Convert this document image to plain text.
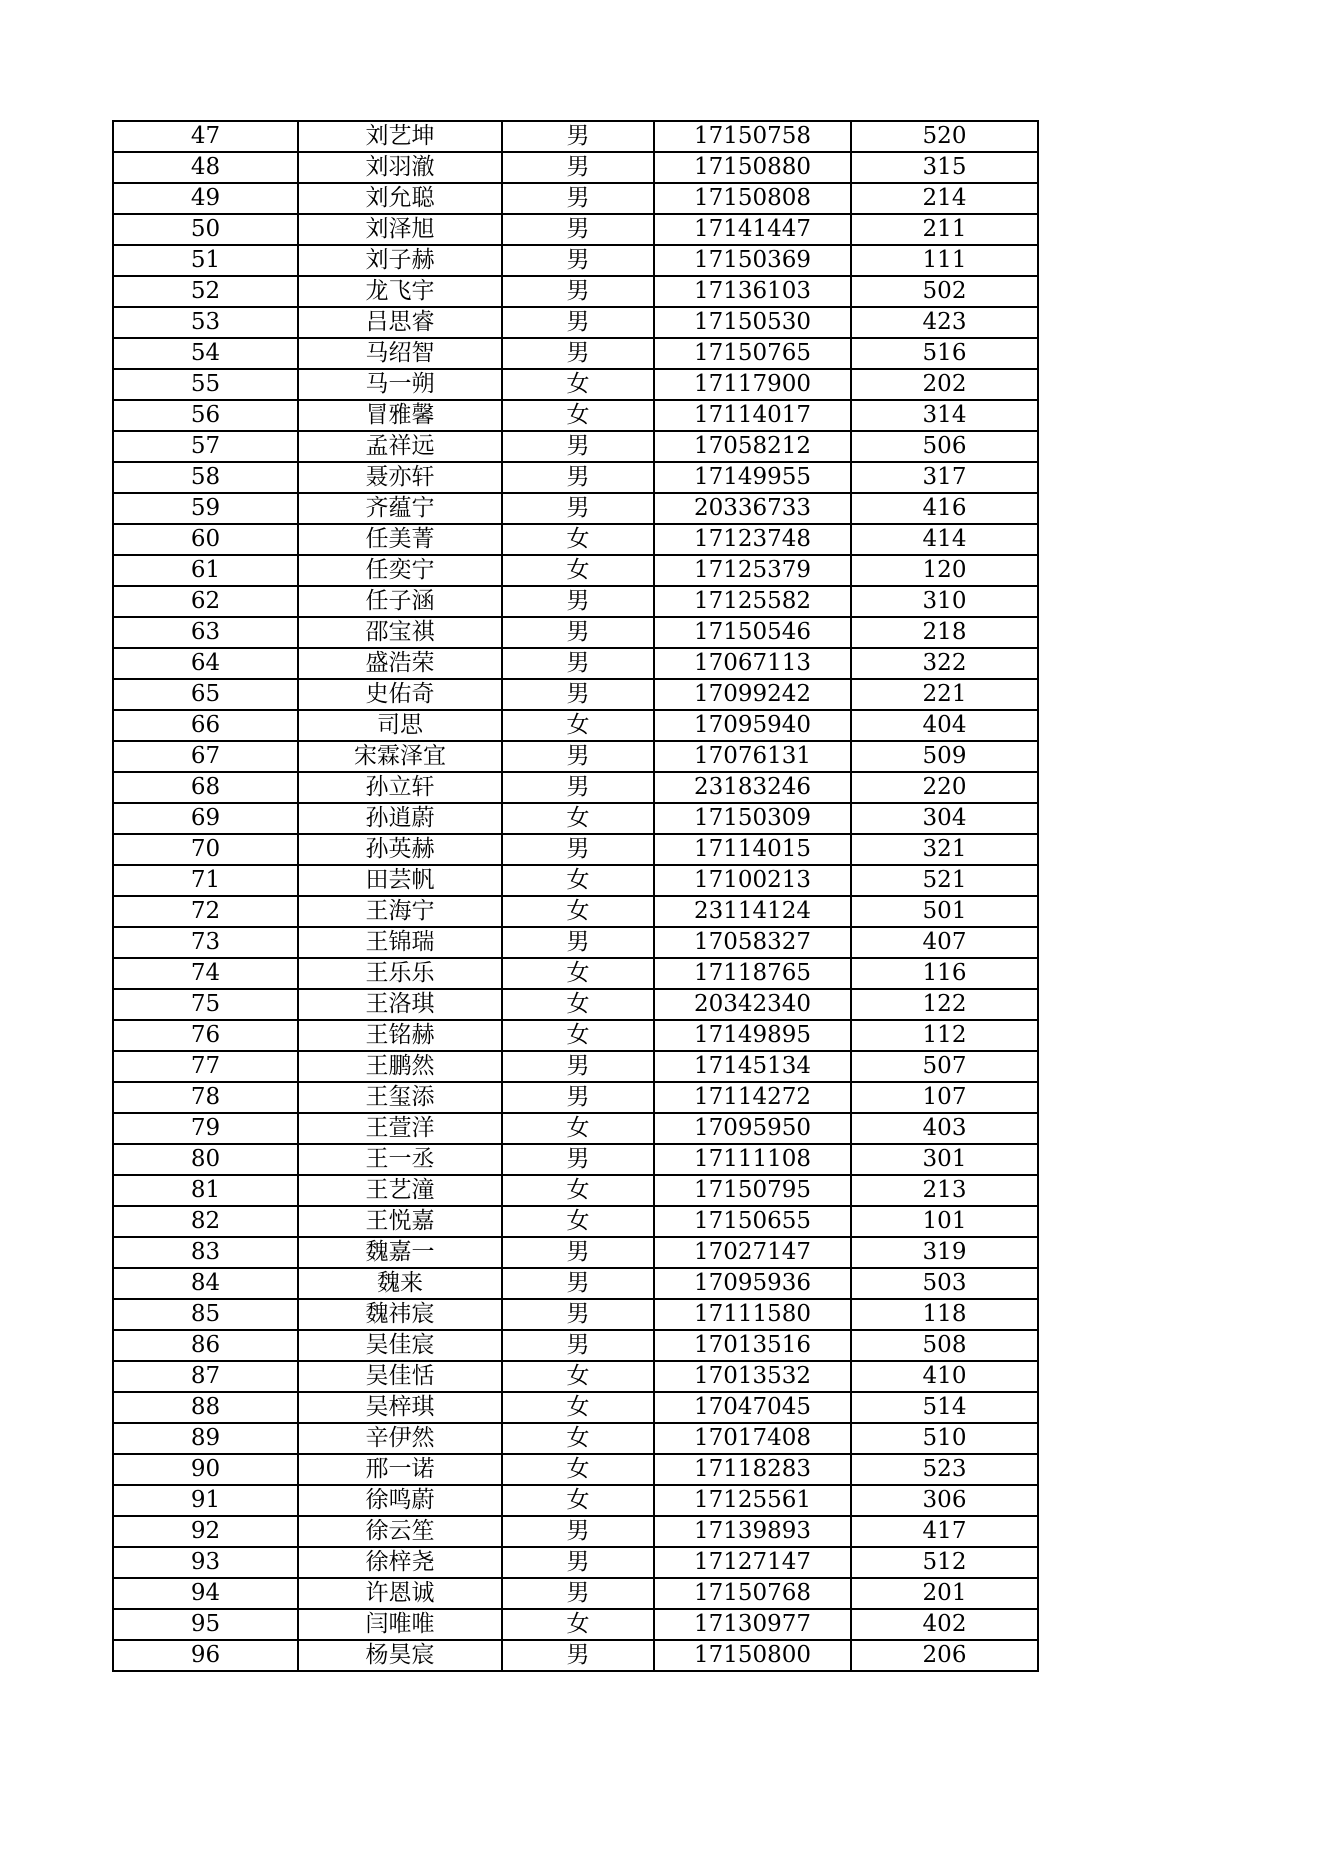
47	刘艺坤	男	17150758	520
48	刘羽澈	男	17150880	315
49	刘允聪	男	17150808	214
50	刘泽旭	男	17141447	211
51	刘子赫	男	17150369	111
52	龙飞宇	男	17136103	502
53	吕思睿	男	17150530	423
54	马绍智	男	17150765	516
55	马一朔	女	17117900	202
56	冒雅馨	女	17114017	314
57	孟祥远	男	17058212	506
58	聂亦轩	男	17149955	317
59	齐蕴宁	男	20336733	416
60	任美菁	女	17123748	414
61	任奕宁	女	17125379	120
62	任子涵	男	17125582	310
63	邵宝祺	男	17150546	218
64	盛浩荣	男	17067113	322
65	史佑奇	男	17099242	221
66	司思	女	17095940	404
67	宋霖泽宜	男	17076131	509
68	孙立轩	男	23183246	220
69	孙逍蔚	女	17150309	304
70	孙英赫	男	17114015	321
71	田芸帆	女	17100213	521
72	王海宁	女	23114124	501
73	王锦瑞	男	17058327	407
74	王乐乐	女	17118765	116
75	王洛琪	女	20342340	122
76	王铭赫	女	17149895	112
77	王鹏然	男	17145134	507
78	王玺添	男	17114272	107
79	王萱洋	女	17095950	403
80	王一丞	男	17111108	301
81	王艺潼	女	17150795	213
82	王悦嘉	女	17150655	101
83	魏嘉一	男	17027147	319
84	魏来	男	17095936	503
85	魏祎宸	男	17111580	118
86	吴佳宸	男	17013516	508
87	吴佳恬	女	17013532	410
88	吴梓琪	女	17047045	514
89	辛伊然	女	17017408	510
90	邢一诺	女	17118283	523
91	徐鸣蔚	女	17125561	306
92	徐云笙	男	17139893	417
93	徐梓尧	男	17127147	512
94	许恩诚	男	17150768	201
95	闫唯唯	女	17130977	402
96	杨昊宸	男	17150800	206
